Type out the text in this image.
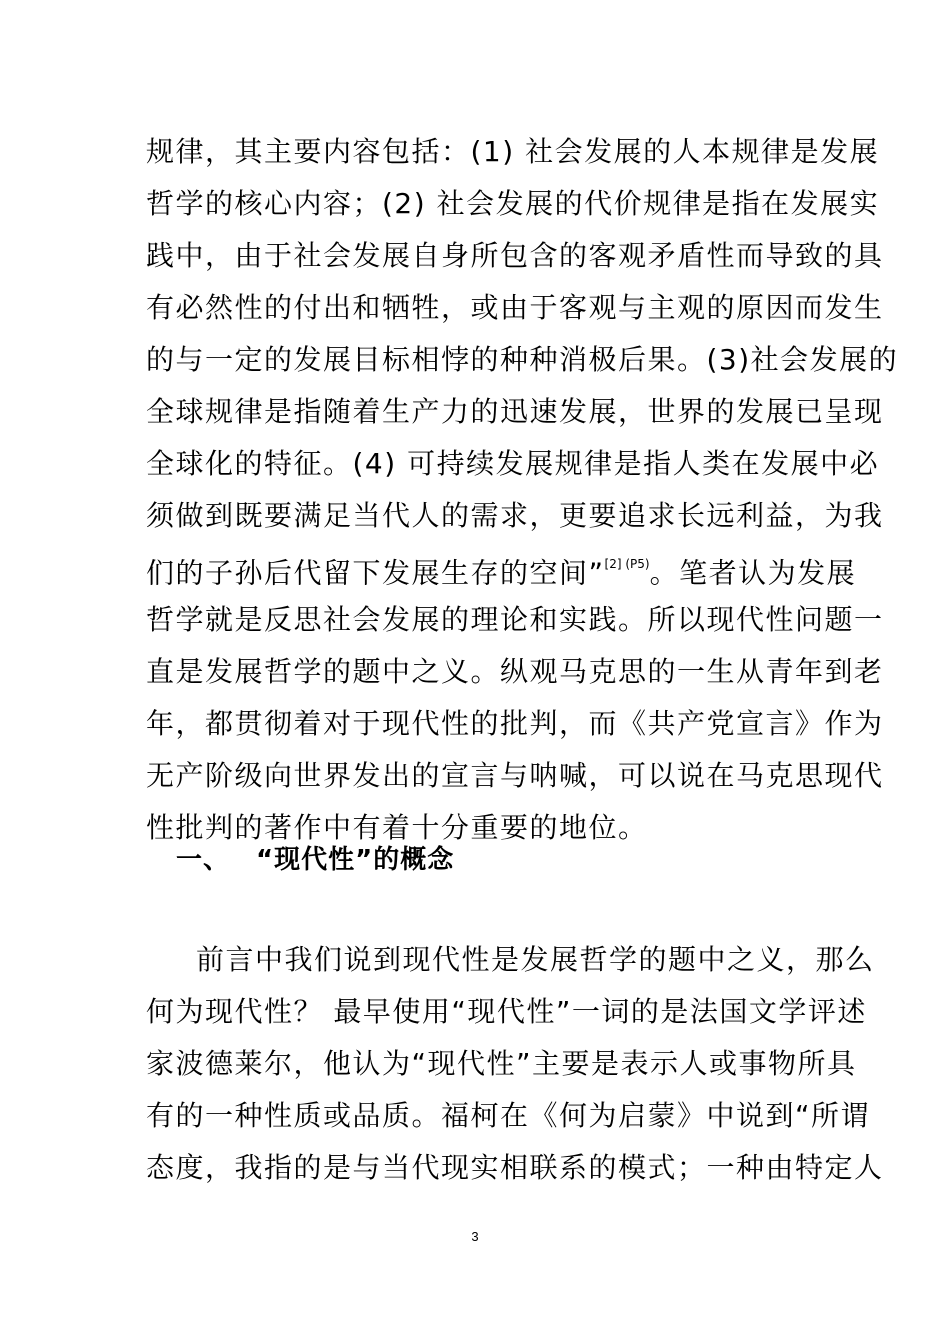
规律，其主要内容包括：(1) 社会发展的人本规律是发展
哲学的核心内容；(2) 社会发展的代价规律是指在发展实
践中，由于社会发展自身所包含的客观矛盾性而导致的具
有必然性的付出和牺牲，或由于客观与主观的原因而发生
的与一定的发展目标相悖的种种消极后果。(3)社会发展的
全球规律是指随着生产力的迅速发展，世界的发展已呈现
全球化的特征。(4) 可持续发展规律是指人类在发展中必
须做到既要满足当代人的需求，更要追求长远利益，为我
们的子孙后代留下发展生存的空间”$^{[2] (P5)}$。笔者认为发展
哲学就是反思社会发展的理论和实践。所以现代性问题一
直是发展哲学的题中之义。纵观马克思的一生从青年到老
年，都贯彻着对于现代性的批判，而《共产党宣言》作为
无产阶级向世界发出的宣言与呐喊，可以说在马克思现代
性批判的著作中有着十分重要的地位。
一、 “现代性”的概念
前言中我们说到现代性是发展哲学的题中之义，那么
何为现代性？ 最早使用“现代性”一词的是法国文学评述
家波德莱尔，他认为“现代性”主要是表示人或事物所具
有的一种性质或品质。福柯在《何为启蒙》中说到“所谓
态度，我指的是与当代现实相联系的模式；一种由特定人
3
